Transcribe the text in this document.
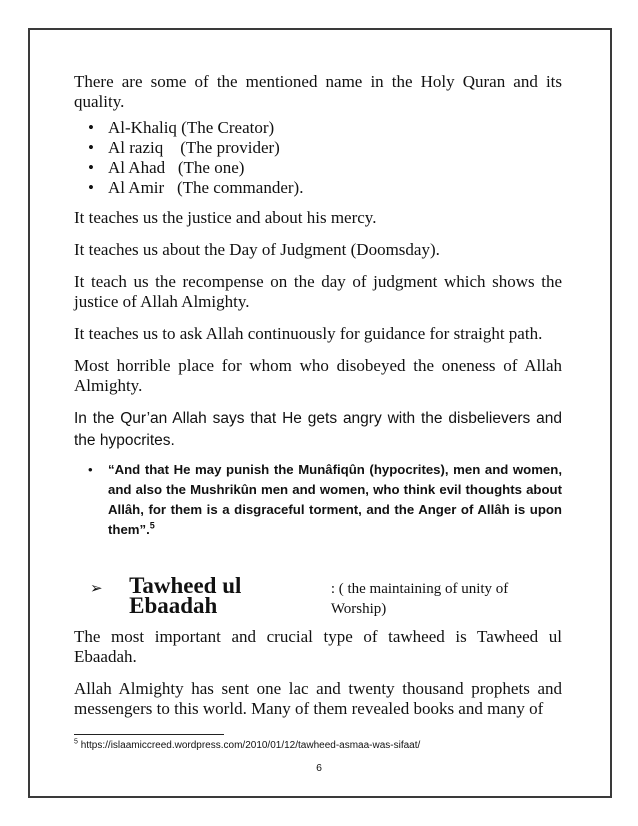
There are some of the mentioned name in the Holy Quran and its quality.

• Al-Khaliq (The Creator)
• Al raziq    (The provider)
• Al Ahad   (The one)
• Al Amir   (The commander).

It teaches us the justice and about his mercy.

It teaches us about the Day of Judgment (Doomsday).

It teach us the recompense on the day of judgment which shows the justice of Allah Almighty.

It teaches us to ask Allah continuously for guidance for straight path.

Most horrible place for whom who disobeyed the oneness of Allah Almighty.

In the Qur’an Allah says that He gets angry with the disbelievers and the hypocrites.

• “And that He may punish the Munâfiqûn (hypocrites), men and women, and also the Mushrikûn men and women, who think evil thoughts about Allâh, for them is a disgraceful torment, and the Anger of Allâh is upon them”.$^5$
➢	Tawheed ul Ebaadah
: ( the maintaining of unity of Worship)

The most important and crucial type of tawheed is Tawheed ul Ebaadah.

Allah Almighty has sent one lac and twenty thousand prophets and messengers to this world. Many of them revealed books and many of

$^5$ https://islaamiccreed.wordpress.com/2010/01/12/tawheed-asmaa-was-sifaat/
6
